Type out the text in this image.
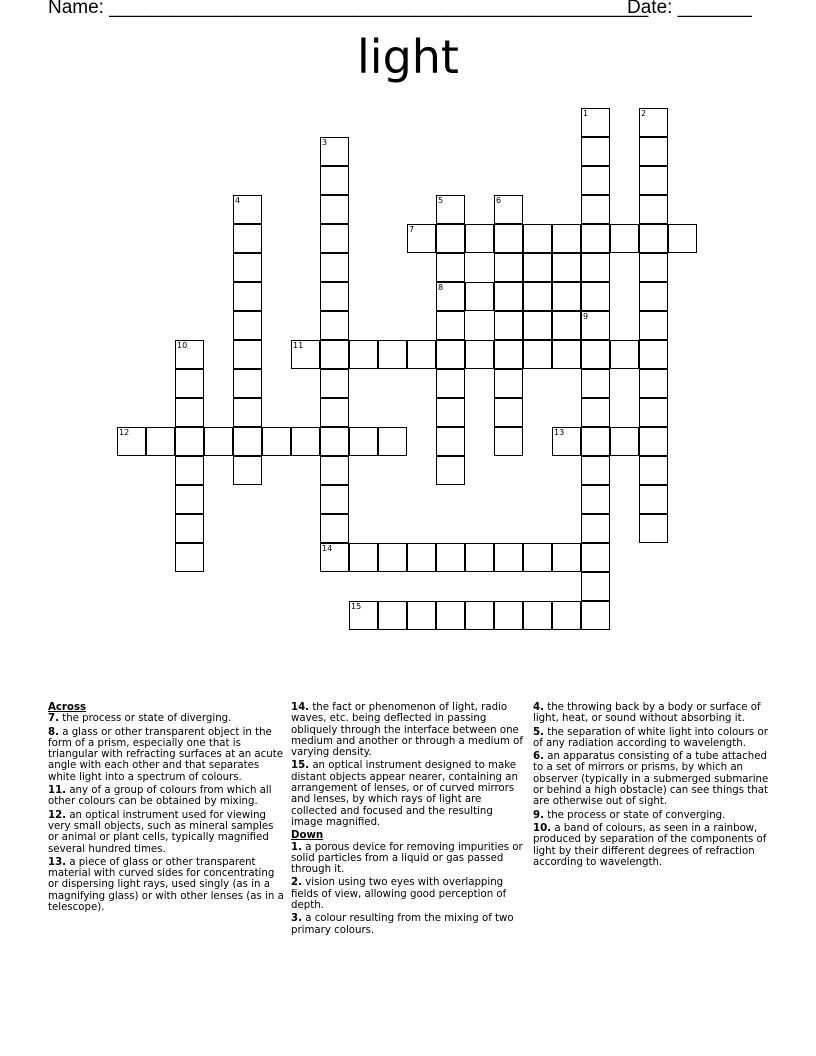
Name: ___________________________________________________
Date: _______
light
7
8
11
12	13
14
15
1
9
2
3
4	5	6
10
Across
7. the process or state of diverging.
8. a glass or other transparent object in the form of a prism, especially one that is triangular with refracting surfaces at an acute angle with each other and that separates white light into a spectrum of colours.
11. any of a group of colours from which all other colours can be obtained by mixing.
12. an optical instrument used for viewing very small objects, such as mineral samples or animal or plant cells, typically magnified several hundred times.
13. a piece of glass or other transparent material with curved sides for concentrating or dispersing light rays, used singly (as in a magnifying glass) or with other lenses (as in a telescope).
14. the fact or phenomenon of light, radio waves, etc. being deflected in passing obliquely through the interface between one medium and another or through a medium of varying density.
15. an optical instrument designed to make distant objects appear nearer, containing an arrangement of lenses, or of curved mirrors and lenses, by which rays of light are collected and focused and the resulting image magnified.
Down
1. a porous device for removing impurities or solid particles from a liquid or gas passed through it.
2. vision using two eyes with overlapping fields of view, allowing good perception of depth.
3. a colour resulting from the mixing of two primary colours.
4. the throwing back by a body or surface of light, heat, or sound without absorbing it.
5. the separation of white light into colours or of any radiation according to wavelength.
6. an apparatus consisting of a tube attached to a set of mirrors or prisms, by which an observer (typically in a submerged submarine or behind a high obstacle) can see things that are otherwise out of sight.
9. the process or state of converging.
10. a band of colours, as seen in a rainbow, produced by separation of the components of light by their different degrees of refraction according to wavelength.
